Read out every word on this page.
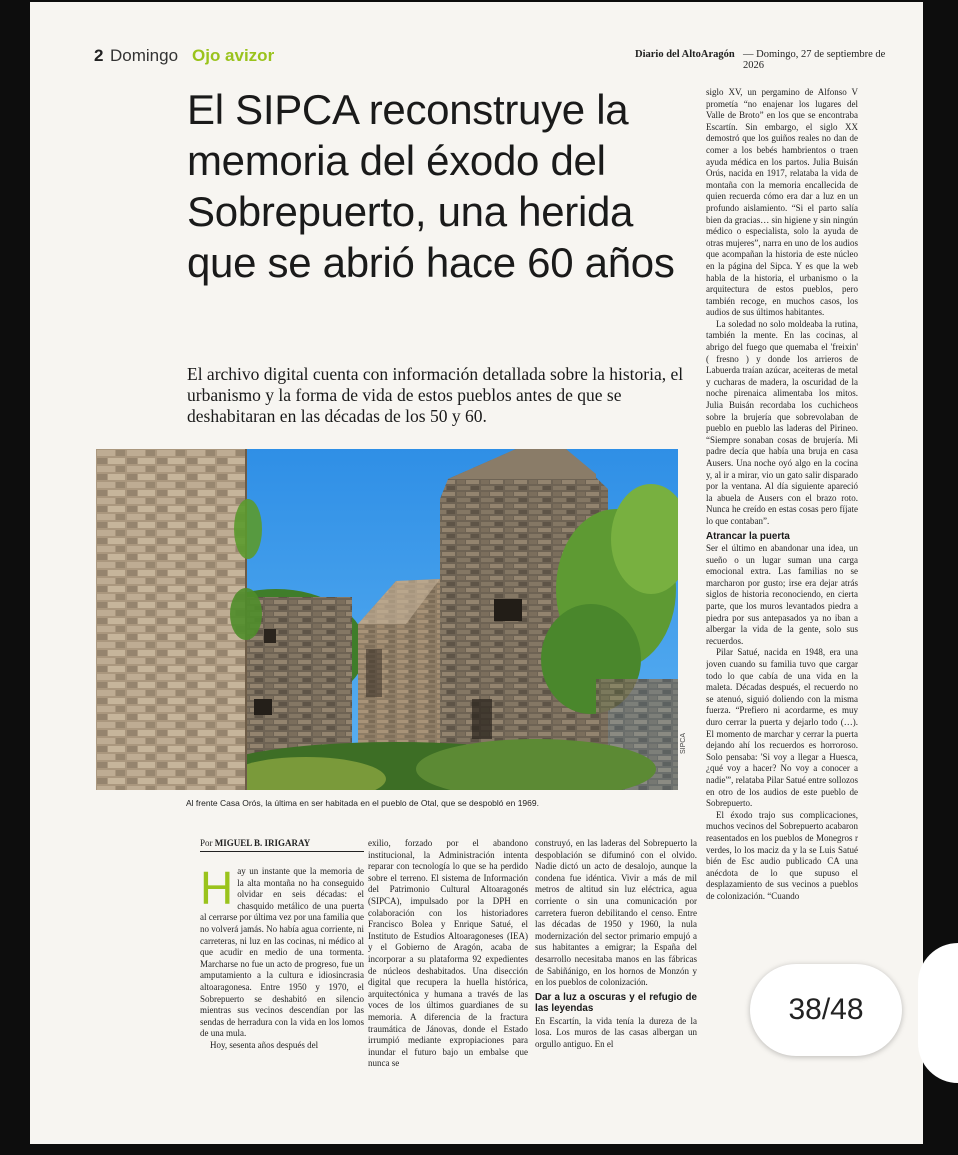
2 Domingo Ojo avizor	Diario del AltoAragón — Domingo, 27 de septiembre de 2026
El SIPCA reconstruye la memoria del éxodo del Sobrepuerto, una herida que se abrió hace 60 años

El archivo digital cuenta con información detallada sobre la historia, el urbanismo y la forma de vida de estos pueblos antes de que se deshabitaran en las décadas de los 50 y 60.

SIPCA
Al frente Casa Orós, la última en ser habitada en el pueblo de Otal, que se despobló en 1969.
Por MIGUEL B. IRIGARAY
H ay un instante que la memoria de la alta montaña no ha conseguido olvidar en seis décadas: el chasquido metálico de una puerta al cerrarse por última vez por una familia que no volverá jamás. No había agua corriente, ni carreteras, ni luz en las cocinas, ni médico al que acudir en medio de una tormenta. Marcharse no fue un acto de progreso, fue un amputamiento a la cultura e idiosincrasia altoaragonesa. Entre 1950 y 1970, el Sobrepuerto se deshabitó en silencio mientras sus vecinos descendían por las sendas de herradura con la vida en los lomos de una mula.

Hoy, sesenta años después del

exilio, forzado por el abandono institucional, la Administración intenta reparar con tecnología lo que se ha perdido sobre el terreno. El sistema de Información del Patrimonio Cultural Altoaragonés (SIPCA), impulsado por la DPH en colaboración con los historiadores Francisco Bolea y Enrique Satué, el Instituto de Estudios Altoaragoneses (IEA) y el Gobierno de Aragón, acaba de incorporar a su plataforma 92 expedientes de núcleos deshabitados. Una disección digital que recupera la huella histórica, arquitectónica y humana a través de las voces de los últimos guardianes de su memoria. A diferencia de la fractura traumática de Jánovas, donde el Estado irrumpió mediante expropiaciones para inundar el futuro bajo un embalse que nunca se

construyó, en las laderas del Sobrepuerto la despoblación se difuminó con el olvido. Nadie dictó un acto de desalojo, aunque la condena fue idéntica. Vivir a más de mil metros de altitud sin luz eléctrica, agua corriente o sin una comunicación por carretera fueron debilitando el censo. Entre las décadas de 1950 y 1960, la nula modernización del sector primario empujó a sus habitantes a emigrar; la España del desarrollo necesitaba manos en las fábricas de Sabiñánigo, en los hornos de Monzón y en los pueblos de colonización.

Dar a luz a oscuras y el refugio de las leyendas

En Escartín, la vida tenía la dureza de la losa. Los muros de las casas albergan un orgullo antiguo. En el

siglo XV, un pergamino de Alfonso V prometía “no enajenar los lugares del Valle de Broto” en los que se encontraba Escartín. Sin embargo, el siglo XX demostró que los guiños reales no dan de comer a los bebés hambrientos o traen ayuda médica en los partos. Julia Buisán Orús, nacida en 1917, relataba la vida de montaña con la memoria encallecida de quien recuerda cómo era dar a luz en un profundo aislamiento. “Si el parto salía bien da gracias… sin higiene y sin ningún médico o especialista, solo la ayuda de otras mujeres”, narra en uno de los audios que acompañan la historia de este núcleo en la página del Sipca. Y es que la web habla de la historia, el urbanismo o la arquitectura de estos pueblos, pero también recoge, en muchos casos, los audios de sus últimos habitantes.

La soledad no solo moldeaba la rutina, también la mente. En las cocinas, al abrigo del fuego que quemaba el 'freixin' ( fresno ) y donde los arrieros de Labuerda traían azúcar, aceiteras de metal y cucharas de madera, la oscuridad de la noche pirenaica alimentaba los mitos. Julia Buisán recordaba los cuchicheos sobre la brujería que sobrevolaban de pueblo en pueblo las laderas del Pirineo. “Siempre sonaban cosas de brujería. Mi padre decía que había una bruja en casa Ausers. Una noche oyó algo en la cocina y, al ir a mirar, vio un gato salir disparado por la ventana. Al día siguiente apareció la abuela de Ausers con el brazo roto. Nunca he creído en estas cosas pero fíjate lo que contaban”.

Atrancar la puerta

Ser el último en abandonar una idea, un sueño o un lugar suman una carga emocional extra. Las familias no se marcharon por gusto; irse era dejar atrás siglos de historia reconociendo, en cierta parte, que los muros levantados piedra a piedra por sus antepasados ya no iban a albergar la vida de la gente, solo sus recuerdos.

Pilar Satué, nacida en 1948, era una joven cuando su familia tuvo que cargar todo lo que cabía de una vida en la maleta. Décadas después, el recuerdo no se atenuó, siguió doliendo con la misma fuerza. “Prefiero ni acordarme, es muy duro cerrar la puerta y dejarlo todo (…). El momento de marchar y cerrar la puerta dejando ahí los recuerdos es horroroso. Solo pensaba: 'Si voy a llegar a Huesca, ¿qué voy a hacer? No voy a conocer a nadie'”, relataba Pilar Satué entre sollozos en otro de los audios de este pueblo de Sobrepuerto.

El éxodo trajo sus complicaciones, muchos vecinos del Sobrepuerto acabaron reasentados en los pueblos de Monegros r verdes, lo los maciz da y la se Luis Satué bién de Esc audio publicado CA una anécdota de lo que supuso el desplazamiento de sus vecinos a pueblos de colonización. “Cuando

38/48
